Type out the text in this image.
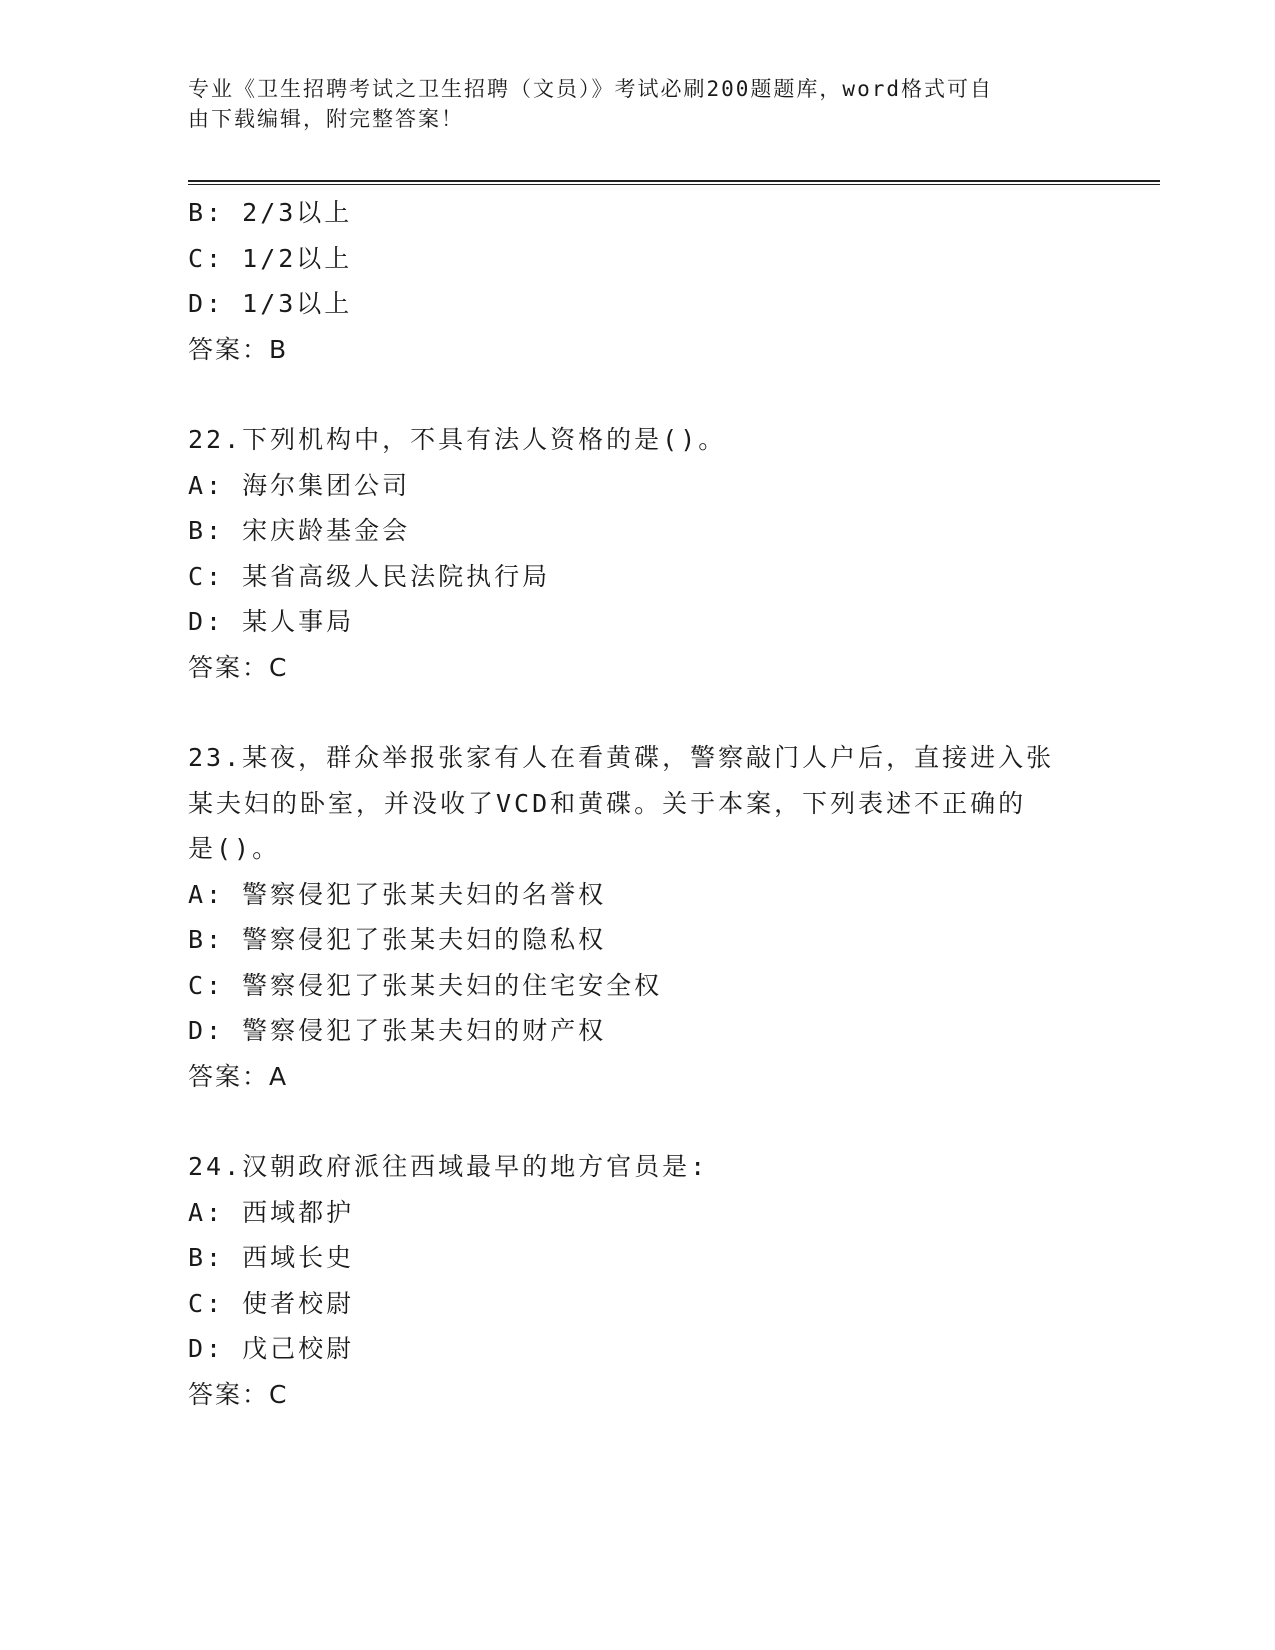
专业《卫生招聘考试之卫生招聘（文员）》考试必刷200题题库，word格式可自
由下载编辑，附完整答案！
B: 2/3以上
C: 1/2以上
D: 1/3以上
答案：B
22.下列机构中，不具有法人资格的是()。
A: 海尔集团公司
B: 宋庆龄基金会
C: 某省高级人民法院执行局
D: 某人事局
答案：C
23.某夜，群众举报张家有人在看黄碟，警察敲门人户后，直接进入张
某夫妇的卧室，并没收了VCD和黄碟。关于本案，下列表述不正确的
是()。
A: 警察侵犯了张某夫妇的名誉权
B: 警察侵犯了张某夫妇的隐私权
C: 警察侵犯了张某夫妇的住宅安全权
D: 警察侵犯了张某夫妇的财产权
答案：A
24.汉朝政府派往西域最早的地方官员是:
A: 西域都护
B: 西域长史
C: 使者校尉
D: 戊己校尉
答案：C
